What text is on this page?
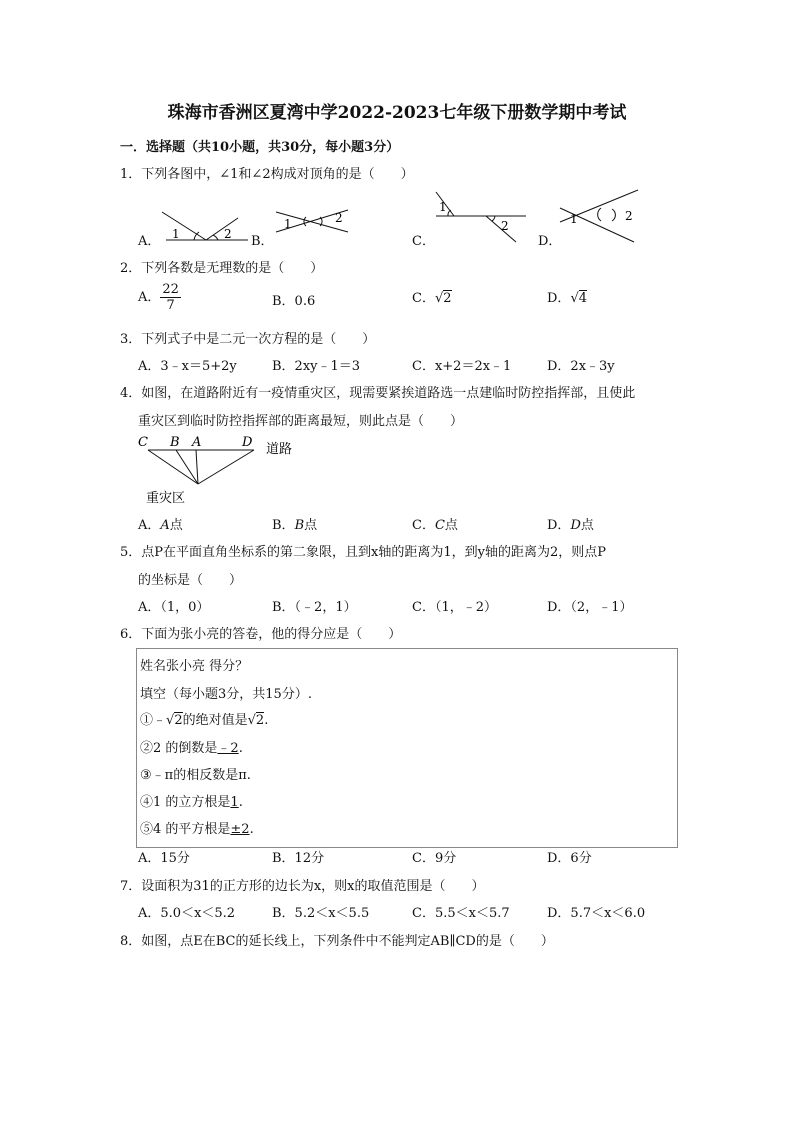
珠海市香洲区夏湾中学2022-2023七年级下册数学期中考试
一．选择题（共10小题，共30分，每小题3分）
1．下列各图中，∠1和∠2构成对顶角的是（　　）
1	2
1	2
1
2	1	2
A．	B．	C．	D．
2．下列各数是无理数的是（　　）
A． $\frac{22}{7}$	B．0.6	C．√2	D．√4
3．下列式子中是二元一次方程的是（　　）
A．3﹣x＝5+2y	B．2xy﹣1＝3	C．x+2＝2x﹣1	D．2x﹣3y
4．如图，在道路附近有一疫情重灾区，现需要紧挨道路选一点建临时防控指挥部，且使此
重灾区到临时防控指挥部的距离最短，则此点是（　　）
C B A	D 道路
重灾区
A．A点	B．B点	C．C点	D．D点
5．点P在平面直角坐标系的第二象限，且到x轴的距离为1，到y轴的距离为2，则点P
的坐标是（　　）
A．（1，0）	B．（﹣2，1）	C．（1，﹣2）	D．（2，﹣1）
6．下面为张小亮的答卷，他的得分应是（　　）
姓名张小亮 得分？
填空（每小题3分，共15分）.
①﹣√2的绝对值是√2.
②2 的倒数是﹣2.
③﹣π的相反数是π.
④1 的立方根是1.
⑤4 的平方根是±2.
A．15分	B．12分	C．9分	D．6分
7．设面积为31的正方形的边长为x，则x的取值范围是（　　）
A．5.0＜x＜5.2	B．5.2＜x＜5.5	C．5.5＜x＜5.7	D．5.7＜x＜6.0
8．如图，点E在BC的延长线上，下列条件中不能判定AB∥CD的是（　　）
